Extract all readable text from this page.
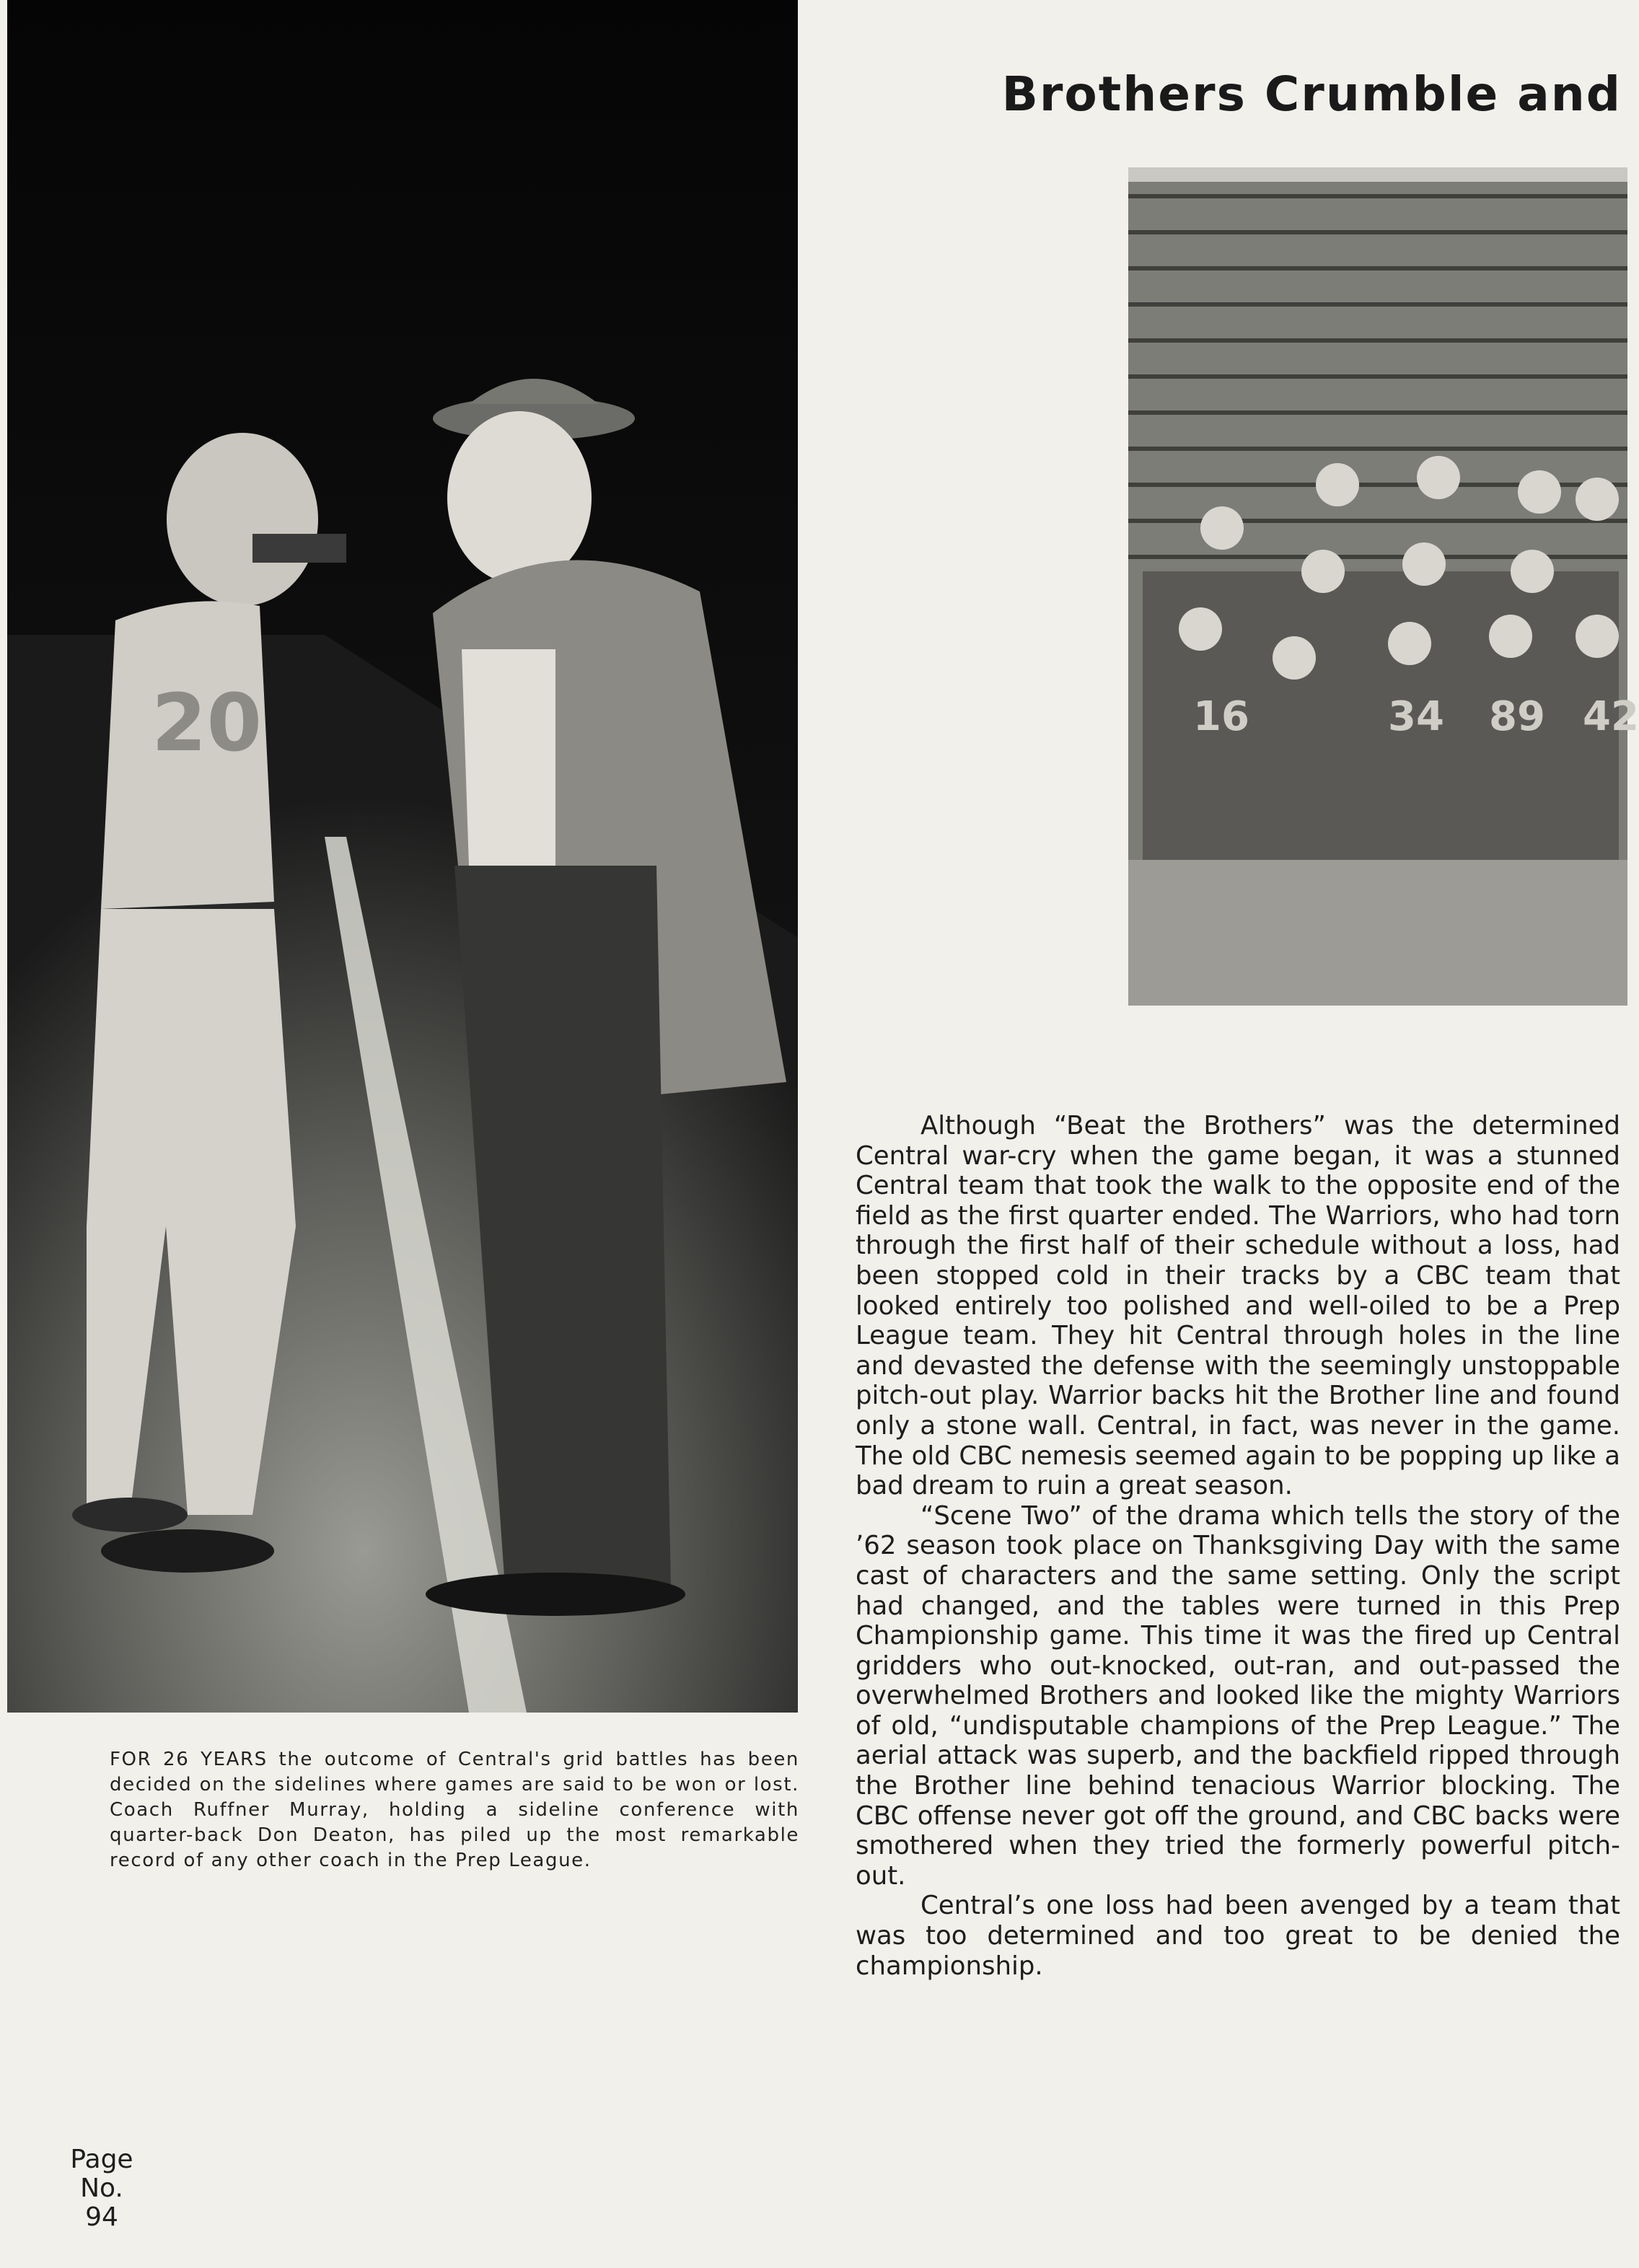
20
FOR 26 YEARS the outcome of Central's grid battles has been decided on the sidelines where games are said to be won or lost. Coach Ruffner Murray, holding a sideline conference with quarter-back Don Deaton, has piled up the most remarkable record of any other coach in the Prep League.
Brothers Crumble and
16	34 89 42

Although “Beat the Brothers” was the determined Central war-cry when the game began, it was a stunned Central team that took the walk to the opposite end of the field as the first quarter ended. The Warriors, who had torn through the first half of their schedule without a loss, had been stopped cold in their tracks by a CBC team that looked entirely too polished and well-oiled to be a Prep League team. They hit Central through holes in the line and devasted the defense with the seemingly unstoppable pitch-out play. Warrior backs hit the Brother line and found only a stone wall. Central, in fact, was never in the game. The old CBC nemesis seemed again to be popping up like a bad dream to ruin a great season.

“Scene Two” of the drama which tells the story of the ’62 season took place on Thanksgiving Day with the same cast of characters and the same setting. Only the script had changed, and the tables were turned in this Prep Championship game. This time it was the fired up Central gridders who out-knocked, out-ran, and out-passed the overwhelmed Brothers and looked like the mighty Warriors of old, “undisputable champions of the Prep League.” The aerial attack was superb, and the backfield ripped through the Brother line behind tenacious Warrior blocking. The CBC offense never got off the ground, and CBC backs were smothered when they tried the formerly powerful pitch-out.

Central’s one loss had been avenged by a team that was too determined and too great to be denied the championship.

Page
No.
94
